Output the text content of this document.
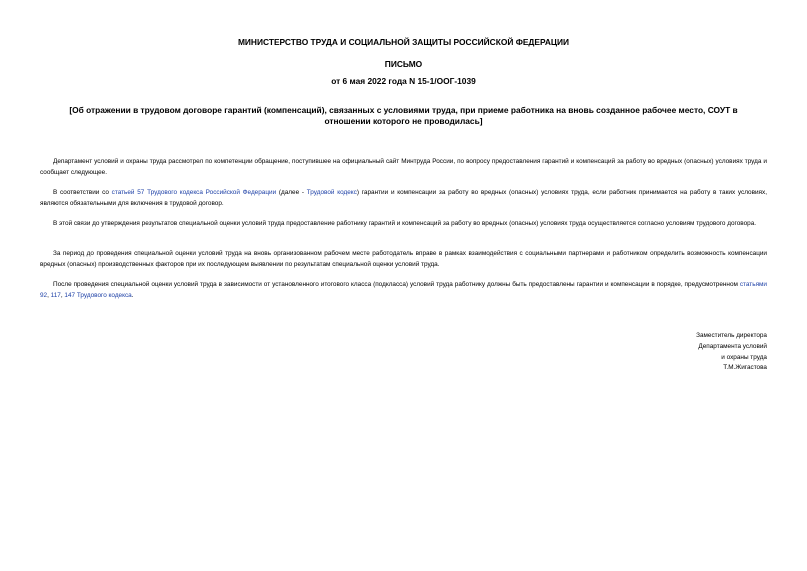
МИНИСТЕРСТВО ТРУДА И СОЦИАЛЬНОЙ ЗАЩИТЫ РОССИЙСКОЙ ФЕДЕРАЦИИ
ПИСЬМО
от 6 мая 2022 года N 15-1/ООГ-1039
[Об отражении в трудовом договоре гарантий (компенсаций), связанных с условиями труда, при приеме работника на вновь созданное рабочее место, СОУТ в отношении которого не проводилась]

Департамент условий и охраны труда рассмотрел по компетенции обращение, поступившее на официальный сайт Минтруда России, по вопросу предоставления гарантий и компенсаций за работу во вредных (опасных) условиях труда и сообщает следующее.

В соответствии со статьей 57 Трудового кодекса Российской Федерации (далее - Трудовой кодекс) гарантии и компенсации за работу во вредных (опасных) условиях труда, если работник принимается на работу в таких условиях, являются обязательными для включения в трудовой договор.

В этой связи до утверждения результатов специальной оценки условий труда предоставление работнику гарантий и компенсаций за работу во вредных (опасных) условиях труда осуществляется согласно условиям трудового договора.

За период до проведения специальной оценки условий труда на вновь организованном рабочем месте работодатель вправе в рамках взаимодействия с социальными партнерами и работником определить возможность компенсации вредных (опасных) производственных факторов при их последующем выявлении по результатам специальной оценки условий труда.

После проведения специальной оценки условий труда в зависимости от установленного итогового класса (подкласса) условий труда работнику должны быть предоставлены гарантии и компенсации в порядке, предусмотренном статьями 92, 117, 147 Трудового кодекса.

Заместитель директора
Департамента условий
и охраны труда
Т.М.Жигастова
